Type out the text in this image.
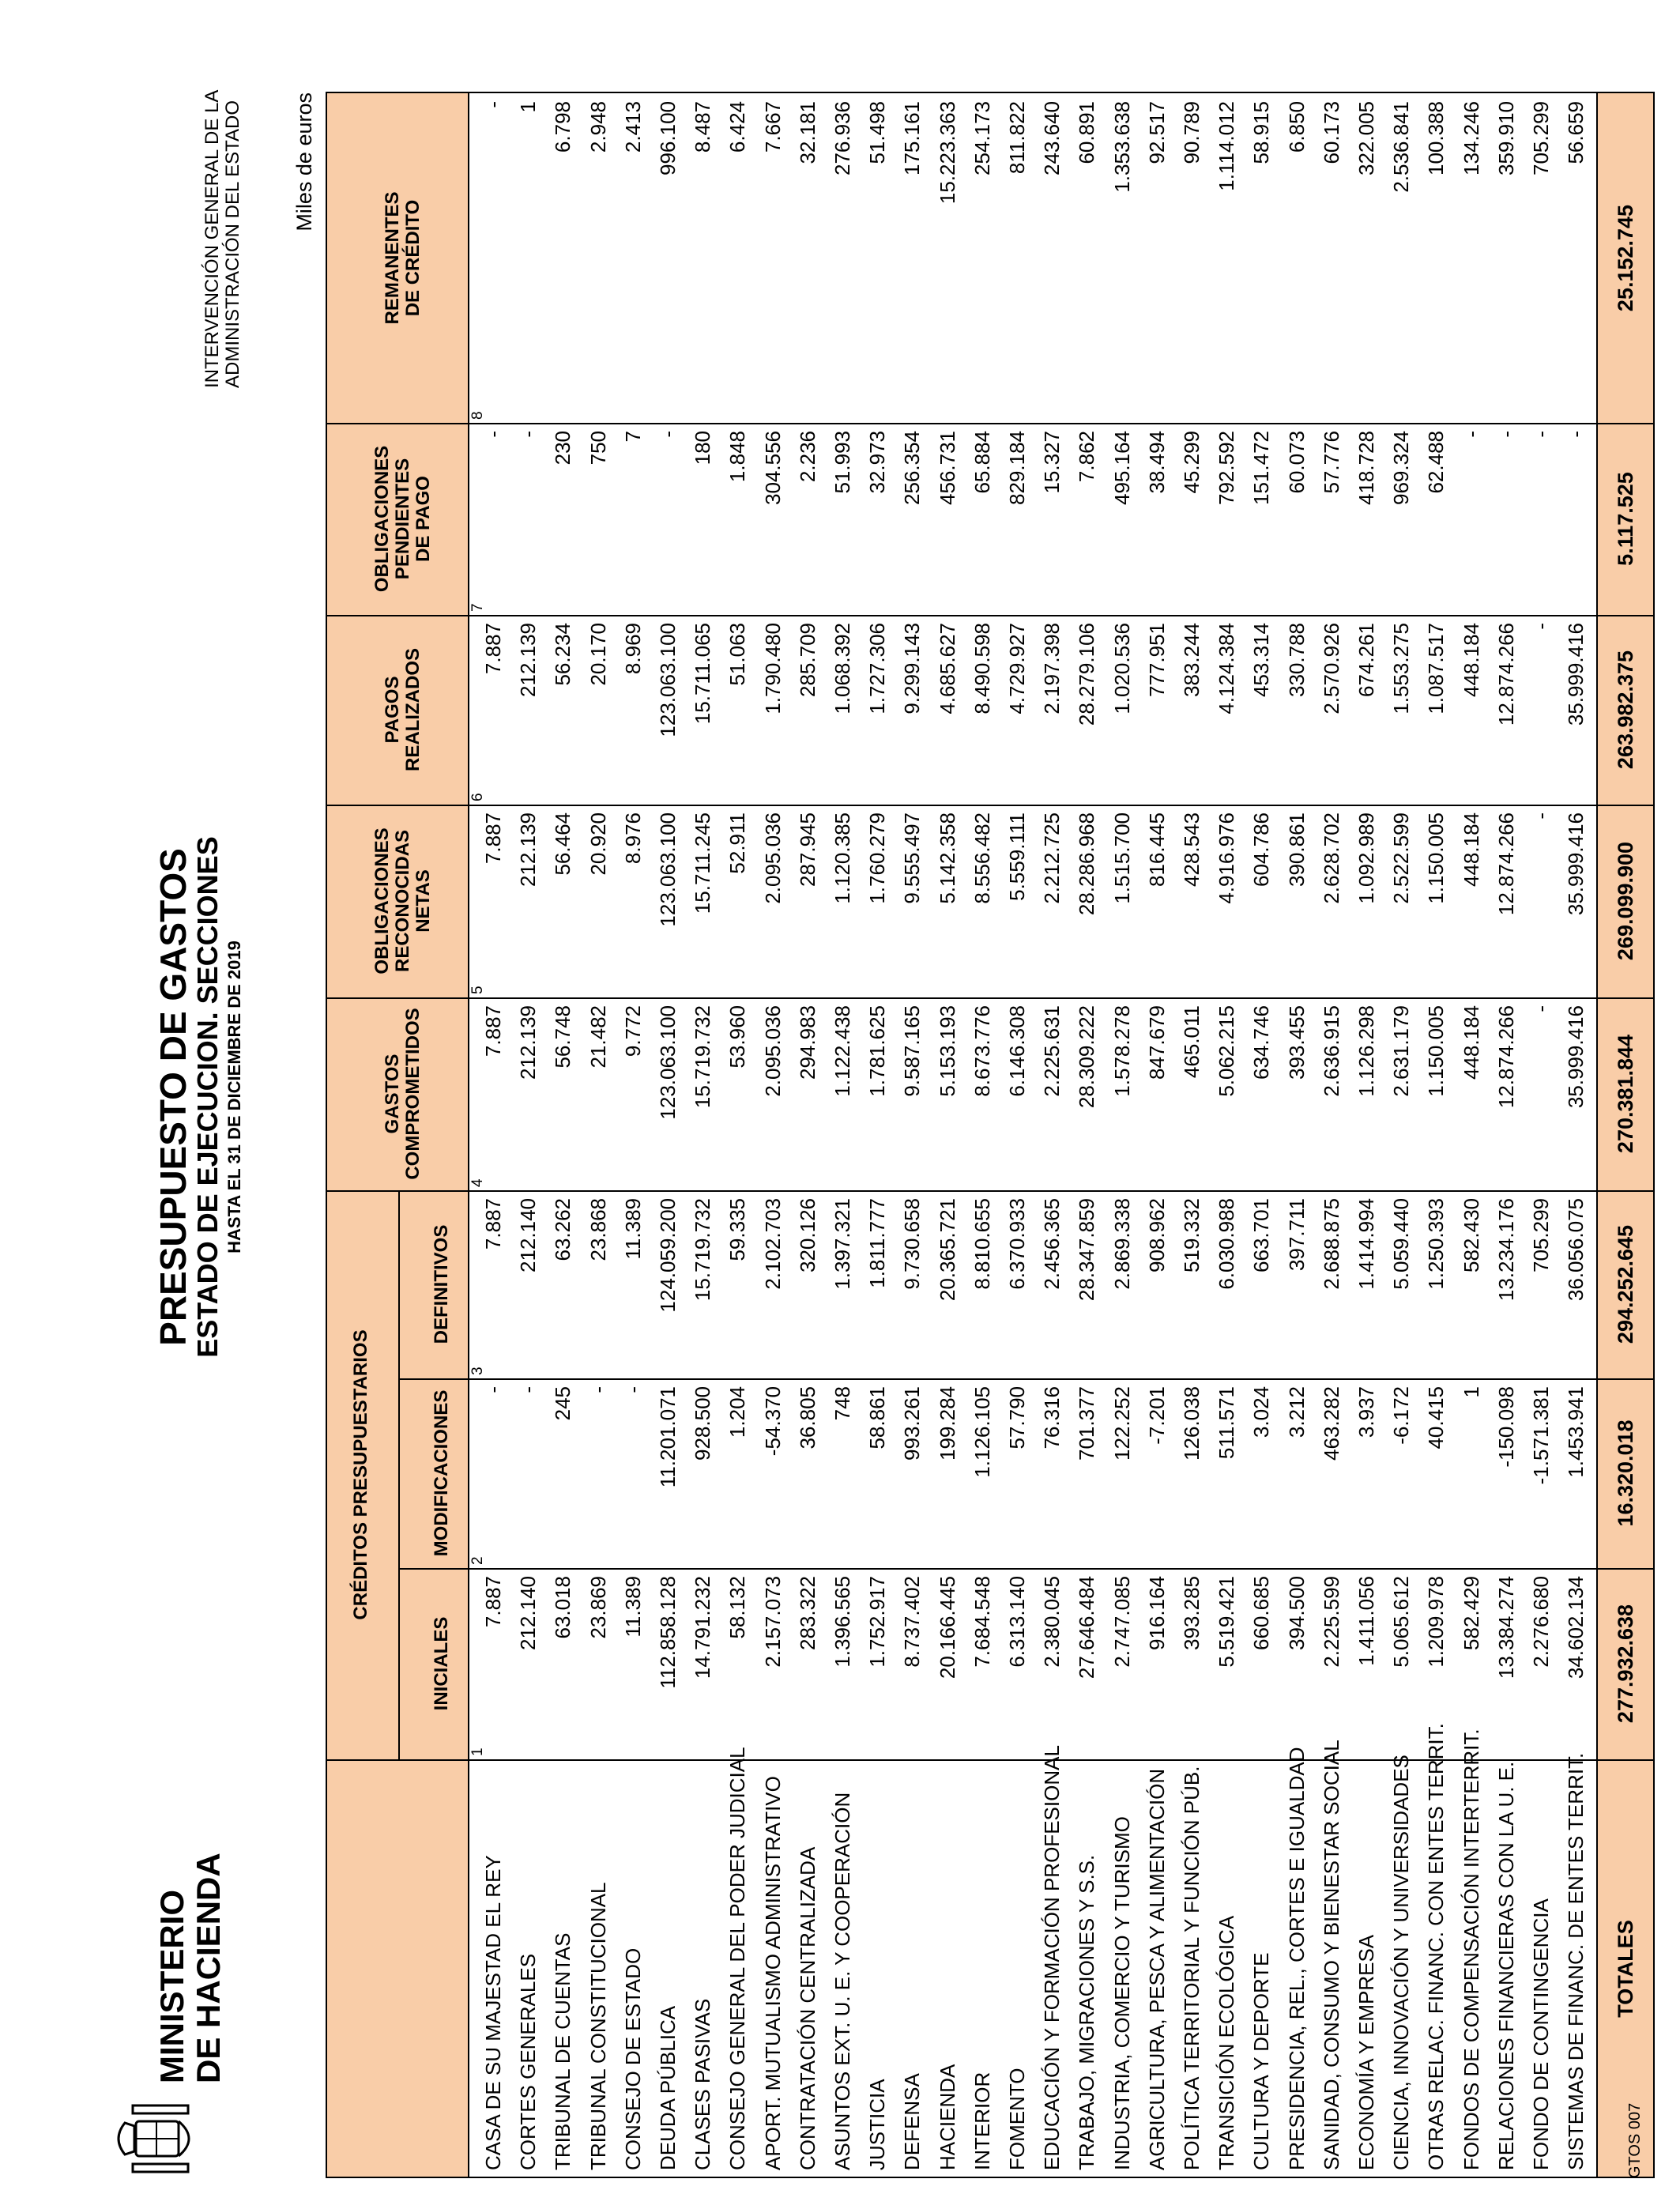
MINISTERIO DE HACIENDA
PRESUPUESTO DE GASTOS
ESTADO DE EJECUCION. SECCIONES HASTA EL 31 DE DICIEMBRE DE 2019
INTERVENCIÓN GENERAL DE LA ADMINISTRACIÓN DEL ESTADO Miles de euros
CRÉDITOS PRESUPUESTARIOS
INICIALES
MODIFICACIONES
DEFINITIVOS
GASTOS COMPROMETIDOS
OBLIGACIONES RECONOCIDAS NETAS
PAGOS REALIZADOS
OBLIGACIONES PENDIENTES DE PAGO
REMANENTES DE CRÉDITO
1
2
3
4
5
6
7
8
CASA DE SU MAJESTAD EL REY
7.887
-
7.887
7.887
7.887
7.887
-
-
CORTES GENERALES
212.140
-
212.140
212.139
212.139
212.139
-
1
TRIBUNAL DE CUENTAS
63.018
245
63.262
56.748
56.464
56.234
230
6.798
TRIBUNAL CONSTITUCIONAL
23.869
-
23.868
21.482
20.920
20.170
750
2.948
CONSEJO DE ESTADO
11.389
-
11.389
9.772
8.976
8.969
7
2.413
DEUDA PÚBLICA
112.858.128
11.201.071
124.059.200
123.063.100
123.063.100
123.063.100
-
996.100
CLASES PASIVAS
14.791.232
928.500
15.719.732
15.719.732
15.711.245
15.711.065
180
8.487
CONSEJO GENERAL DEL PODER JUDICIAL
58.132
1.204
59.335
53.960
52.911
51.063
1.848
6.424
APORT. MUTUALISMO ADMINISTRATIVO
2.157.073
-54.370
2.102.703
2.095.036
2.095.036
1.790.480
304.556
7.667
CONTRATACIÓN CENTRALIZADA
283.322
36.805
320.126
294.983
287.945
285.709
2.236
32.181
ASUNTOS EXT. U. E. Y COOPERACIÓN
1.396.565
748
1.397.321
1.122.438
1.120.385
1.068.392
51.993
276.936
JUSTICIA
1.752.917
58.861
1.811.777
1.781.625
1.760.279
1.727.306
32.973
51.498
DEFENSA
8.737.402
993.261
9.730.658
9.587.165
9.555.497
9.299.143
256.354
175.161
HACIENDA
20.166.445
199.284
20.365.721
5.153.193
5.142.358
4.685.627
456.731
15.223.363
INTERIOR
7.684.548
1.126.105
8.810.655
8.673.776
8.556.482
8.490.598
65.884
254.173
FOMENTO
6.313.140
57.790
6.370.933
6.146.308
5.559.111
4.729.927
829.184
811.822
EDUCACIÓN Y FORMACIÓN PROFESIONAL
2.380.045
76.316
2.456.365
2.225.631
2.212.725
2.197.398
15.327
243.640
TRABAJO, MIGRACIONES Y S.S.
27.646.484
701.377
28.347.859
28.309.222
28.286.968
28.279.106
7.862
60.891
INDUSTRIA, COMERCIO Y TURISMO
2.747.085
122.252
2.869.338
1.578.278
1.515.700
1.020.536
495.164
1.353.638
AGRICULTURA, PESCA Y ALIMENTACIÓN
916.164
-7.201
908.962
847.679
816.445
777.951
38.494
92.517
POLÍTICA TERRITORIAL Y FUNCIÓN PÚB.
393.285
126.038
519.332
465.011
428.543
383.244
45.299
90.789
TRANSICIÓN ECOLÓGICA
5.519.421
511.571
6.030.988
5.062.215
4.916.976
4.124.384
792.592
1.114.012
CULTURA Y DEPORTE
660.685
3.024
663.701
634.746
604.786
453.314
151.472
58.915
PRESIDENCIA, REL., CORTES E IGUALDAD
394.500
3.212
397.711
393.455
390.861
330.788
60.073
6.850
SANIDAD, CONSUMO Y BIENESTAR SOCIAL
2.225.599
463.282
2.688.875
2.636.915
2.628.702
2.570.926
57.776
60.173
ECONOMÍA Y EMPRESA
1.411.056
3.937
1.414.994
1.126.298
1.092.989
674.261
418.728
322.005
CIENCIA, INNOVACIÓN Y UNIVERSIDADES
5.065.612
-6.172
5.059.440
2.631.179
2.522.599
1.553.275
969.324
2.536.841
OTRAS RELAC. FINANC. CON ENTES TERRIT.
1.209.978
40.415
1.250.393
1.150.005
1.150.005
1.087.517
62.488
100.388
FONDOS DE COMPENSACIÓN INTERTERRIT.
582.429
1
582.430
448.184
448.184
448.184
-
134.246
RELACIONES FINANCIERAS CON LA U. E.
13.384.274
-150.098
13.234.176
12.874.266
12.874.266
12.874.266
-
359.910
FONDO DE CONTINGENCIA
2.276.680
-1.571.381
705.299
-
-
-
-
705.299
SISTEMAS DE FINANC. DE ENTES TERRIT.
34.602.134
1.453.941
36.056.075
35.999.416
35.999.416
35.999.416
-
56.659
TOTALES
277.932.638
16.320.018
294.252.645
270.381.844
269.099.900
263.982.375
5.117.525
25.152.745
GTOS 007
